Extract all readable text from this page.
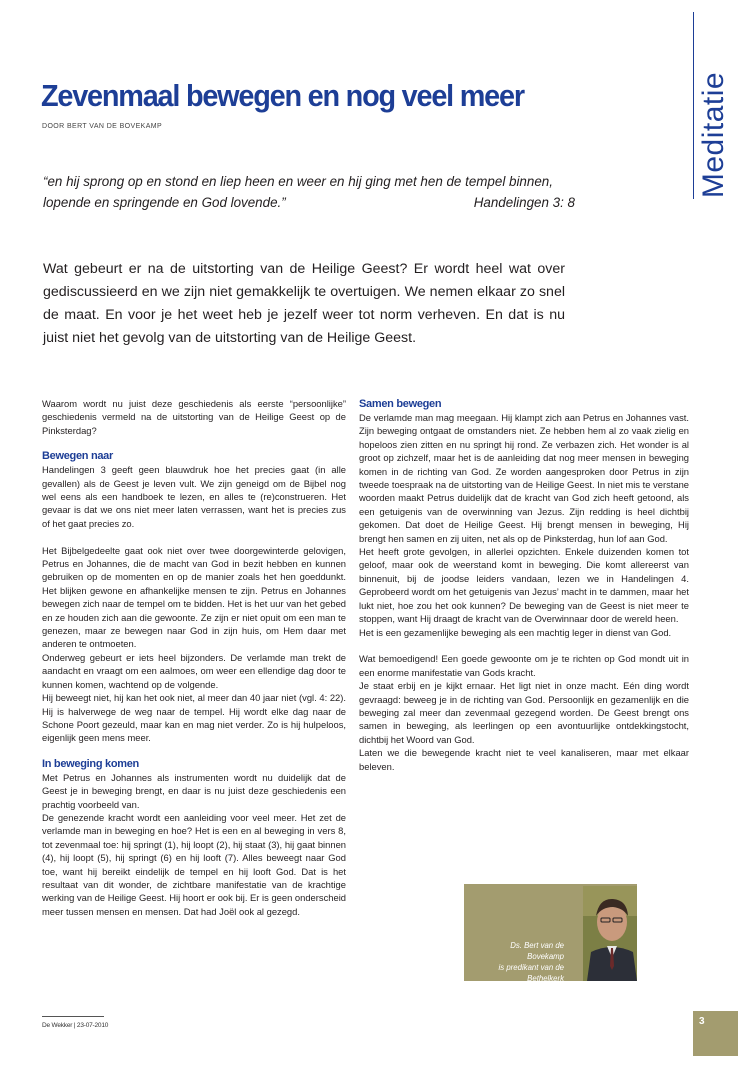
Zevenmaal bewegen en nog veel meer
DOOR BERT VAN DE BOVEKAMP	Meditatie
“en hij sprong op en stond en liep heen en weer en hij ging met hen de tempel binnen, lopende en springende en God lovende.”	Handelingen 3: 8
Wat gebeurt er na de uitstorting van de Heilige Geest? Er wordt heel wat over gediscussieerd en we zijn niet gemakkelijk te overtuigen. We nemen elkaar zo snel de maat. En voor je het weet heb je jezelf weer tot norm verheven. En dat is nu juist niet het gevolg van de uitstorting van de Heilige Geest.

Waarom wordt nu juist deze geschiedenis als eerste “persoonlijke” geschiedenis vermeld na de uitstorting van de Heilige Geest op de Pinksterdag?

Bewegen naar

Handelingen 3 geeft geen blauwdruk hoe het precies gaat (in alle gevallen) als de Geest je leven vult. We zijn geneigd om de Bijbel nog wel eens als een handboek te lezen, en alles te (re)construeren. Het gevaar is dat we ons niet meer laten verrassen, want het is precies zus of het gaat precies zo.

Het Bijbelgedeelte gaat ook niet over twee doorgewinterde gelovigen, Petrus en Johannes, die de macht van God in bezit hebben en kunnen gebruiken op de momenten en op de manier zoals het hen goeddunkt. Het blijken gewone en afhankelijke mensen te zijn. Petrus en Johannes bewegen zich naar de tempel om te bidden. Het is het uur van het gebed en ze houden zich aan die gewoonte. Ze zijn er niet opuit om een man te genezen, maar ze bewegen naar God in zijn huis, om Hem daar met anderen te ontmoeten.

Onderweg gebeurt er iets heel bijzonders. De verlamde man trekt de aandacht en vraagt om een aalmoes, om weer een ellendige dag door te kunnen komen, wachtend op de volgende.

Hij beweegt niet, hij kan het ook niet, al meer dan 40 jaar niet (vgl. 4: 22). Hij is halverwege de weg naar de tempel. Hij wordt elke dag naar de Schone Poort gezeuld, maar kan en mag niet verder. Zo is hij hulpeloos, eigenlijk geen mens meer.

In beweging komen

Met Petrus en Johannes als instrumenten wordt nu duidelijk dat de Geest je in beweging brengt, en daar is nu juist deze geschiedenis een prachtig voorbeeld van.

De genezende kracht wordt een aanleiding voor veel meer. Het zet de verlamde man in beweging en hoe? Het is een en al beweging in vers 8, tot zevenmaal toe: hij springt (1), hij loopt (2), hij staat (3), hij gaat binnen (4), hij loopt (5), hij springt (6) en hij looft (7). Alles beweegt naar God toe, want hij bereikt eindelijk de tempel en hij looft God. Dat is het resultaat van dit wonder, de zichtbare manifestatie van de krachtige werking van de Heilige Geest. Hij hoort er ook bij. Er is geen onderscheid meer tussen mensen en mensen. Dat had Joël ook al gezegd.

Samen bewegen

De verlamde man mag meegaan. Hij klampt zich aan Petrus en Johannes vast. Zijn beweging ontgaat de omstanders niet. Ze hebben hem al zo vaak zielig en hopeloos zien zitten en nu springt hij rond. Ze verbazen zich. Het wonder is al groot op zichzelf, maar het is de aanleiding dat nog meer mensen in beweging komen in de richting van God. Ze worden aangesproken door Petrus in zijn tweede toespraak na de uitstorting van de Heilige Geest. In niet mis te verstane woorden maakt Petrus duidelijk dat de kracht van God zich heeft getoond, als een getuigenis van de overwinning van Jezus. Zijn redding is heel dichtbij gekomen. Dat doet de Heilige Geest. Hij brengt mensen in beweging, Hij brengt hen samen en zij uiten, net als op de Pinksterdag, hun lof aan God.

Het heeft grote gevolgen, in allerlei opzichten. Enkele duizenden komen tot geloof, maar ook de weerstand komt in beweging. Die komt allereerst van binnenuit, bij de joodse leiders vandaan, lezen we in Handelingen 4. Geprobeerd wordt om het getuigenis van Jezus’ macht in te dammen, maar het lukt niet, hoe zou het ook kunnen? De beweging van de Geest is niet meer te stoppen, want Hij draagt de kracht van de Overwinnaar door de wereld heen.

Het is een gezamenlijke beweging als een machtig leger in dienst van God.

Wat bemoedigend! Een goede gewoonte om je te richten op God mondt uit in een enorme manifestatie van Gods kracht.

Je staat erbij en je kijkt ernaar. Het ligt niet in onze macht. Eén ding wordt gevraagd: beweeg je in de richting van God. Persoonlijk en gezamenlijk en die beweging zal meer dan zevenmaal gezegend worden. De Geest brengt ons samen in beweging, als leerlingen op een avontuurlijke ontdekkingstocht, dichtbij het Woord van God.

Laten we die bewegende kracht niet te veel kanaliseren, maar met elkaar beleven.

Ds. Bert van de Bovekamp
is predikant van de Bethelkerk
te Veenendaal.
De Wekker | 23-07-2010	3
